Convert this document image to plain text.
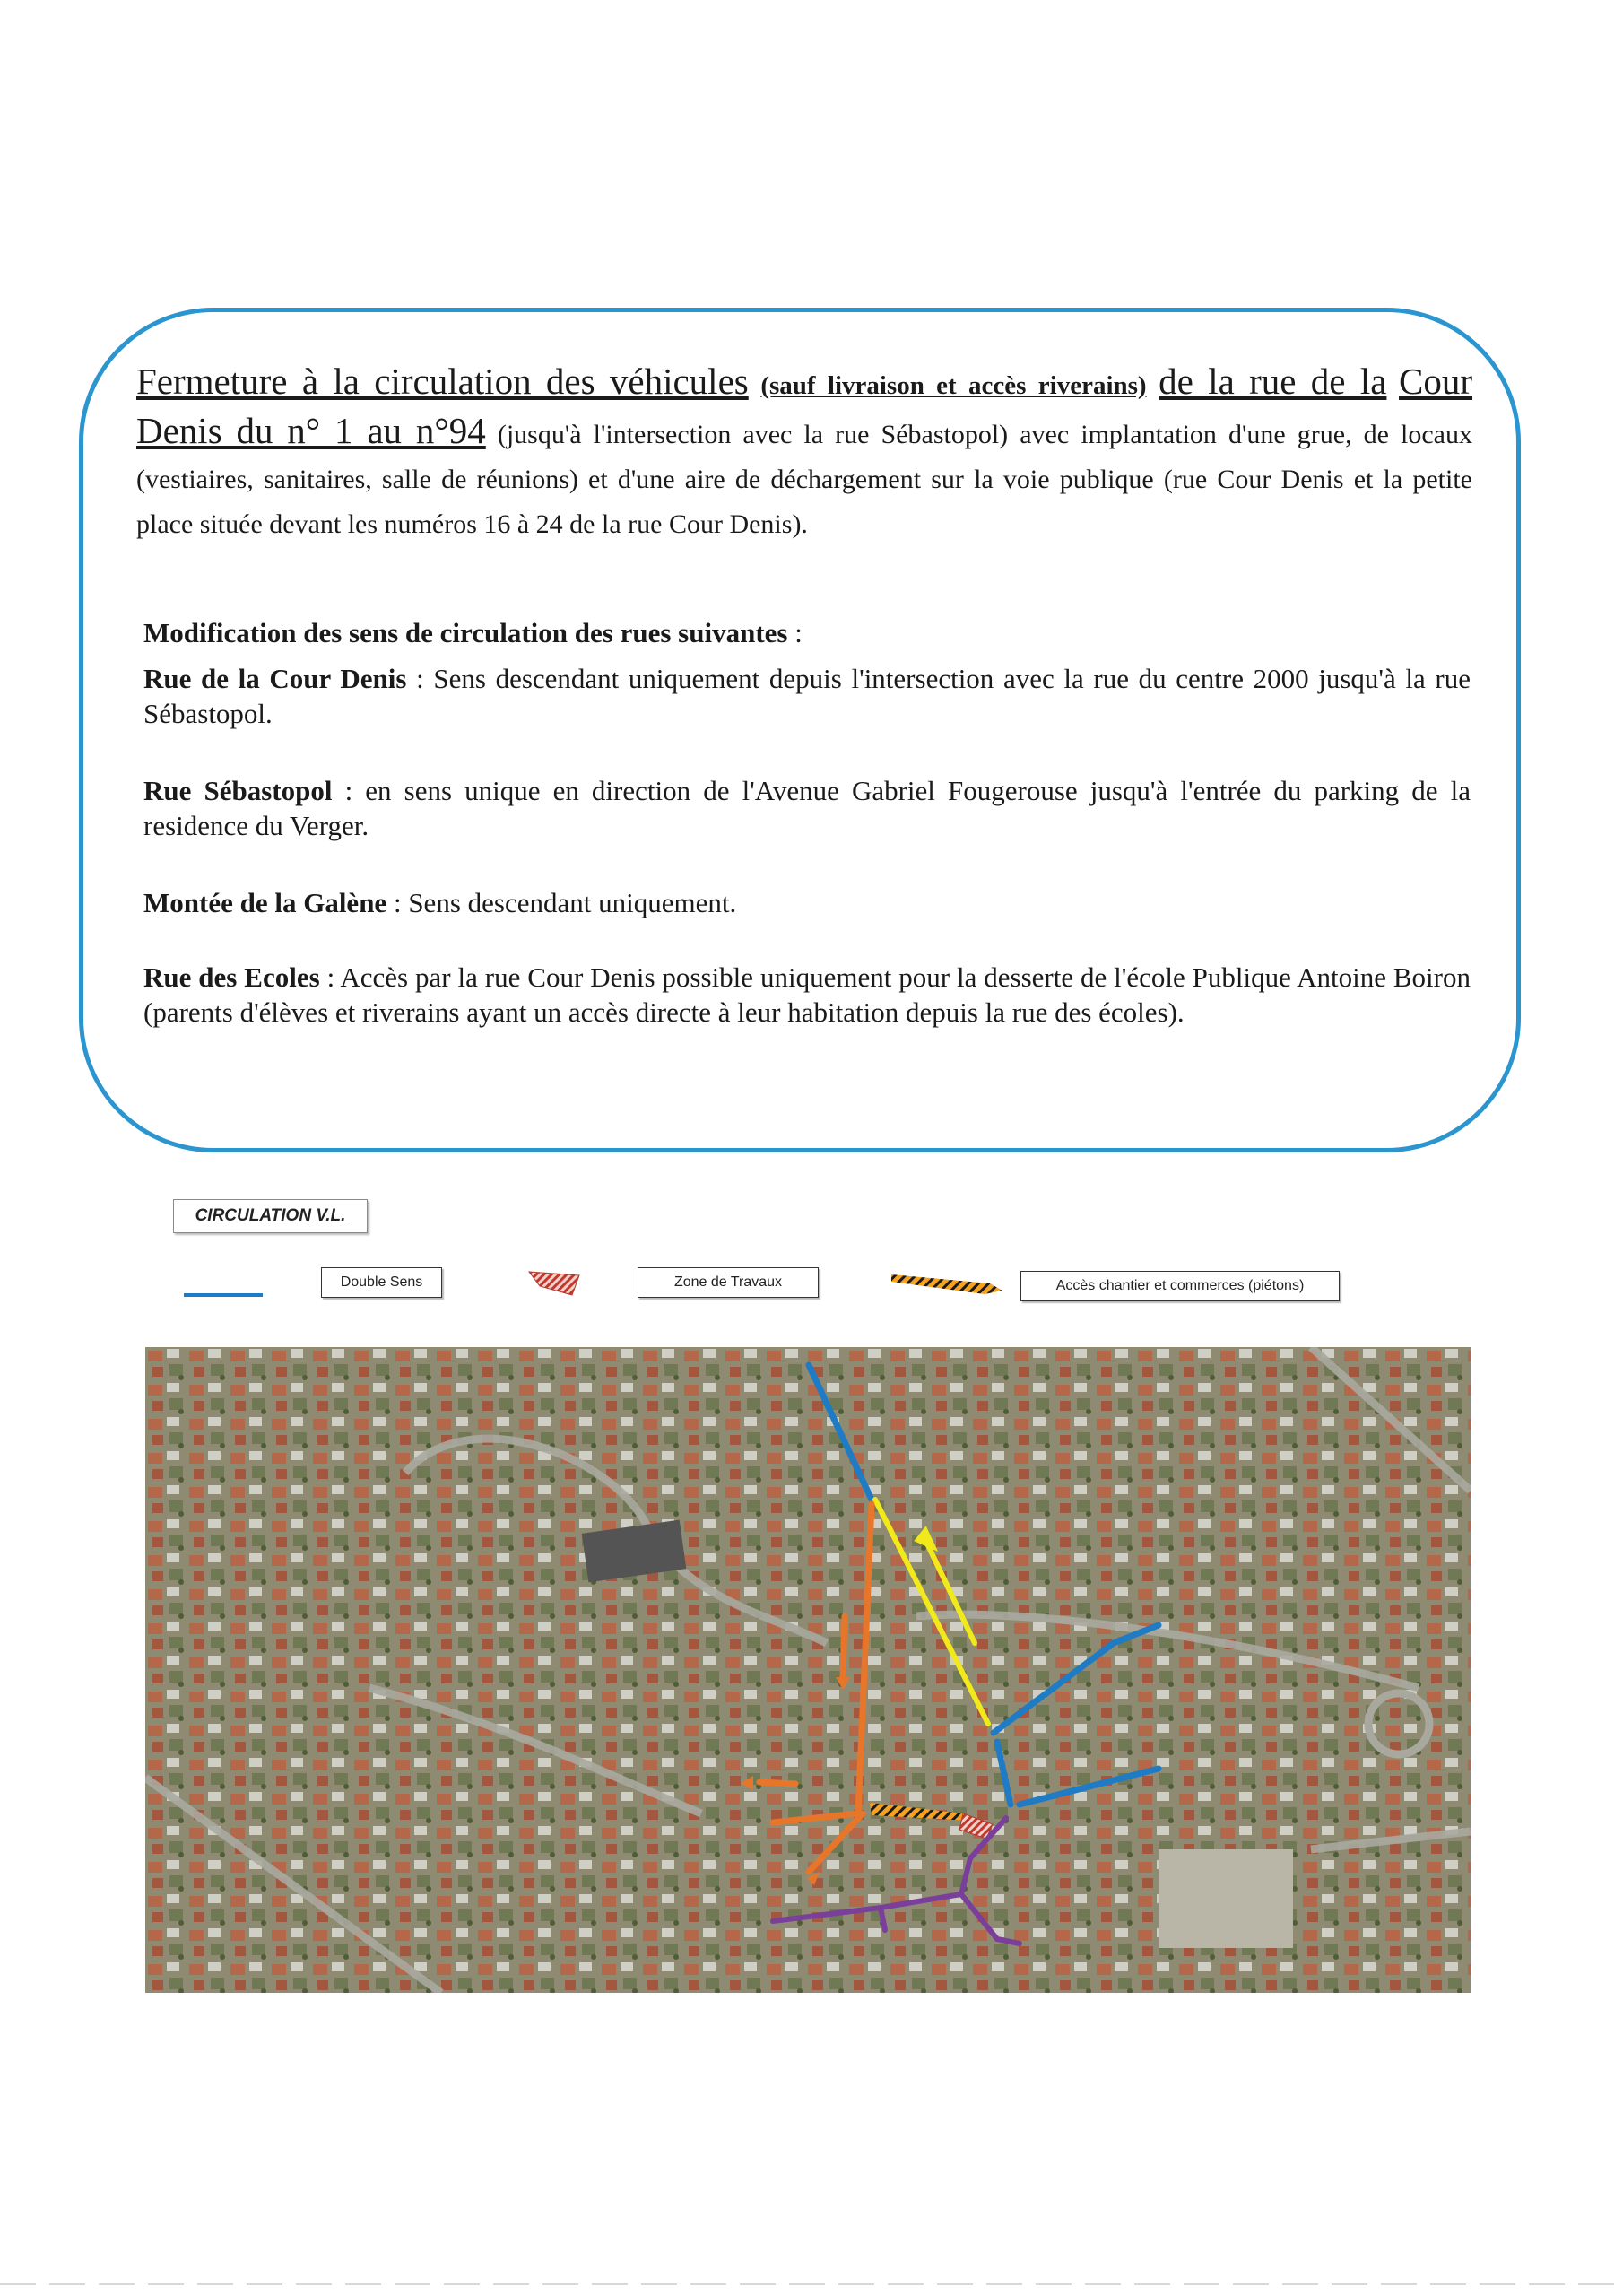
Fermeture à la circulation des véhicules (sauf livraison et accès riverains) de la rue de la Cour Denis du n° 1 au n°94 (jusqu'à l'intersection avec la rue Sébastopol) avec implantation d'une grue, de locaux (vestiaires, sanitaires, salle de réunions) et d'une aire de déchargement sur la voie publique (rue Cour Denis et la petite place située devant les numéros 16 à 24 de la rue Cour Denis).
Modification des sens de circulation des rues suivantes :
Rue de la Cour Denis : Sens descendant uniquement depuis l'intersection avec la rue du centre 2000 jusqu'à la rue Sébastopol.
Rue Sébastopol : en sens unique en direction de l'Avenue Gabriel Fougerouse jusqu'à l'entrée du parking de la residence du Verger.
Montée de la Galène : Sens descendant uniquement.
Rue des Ecoles : Accès par la rue Cour Denis possible uniquement pour la desserte de l'école Publique Antoine Boiron (parents d'élèves et riverains ayant un accès directe à leur habitation depuis la rue des écoles).
CIRCULATION V.L.
Double Sens	Zone de Travaux	Accès chantier et commerces (piétons)
